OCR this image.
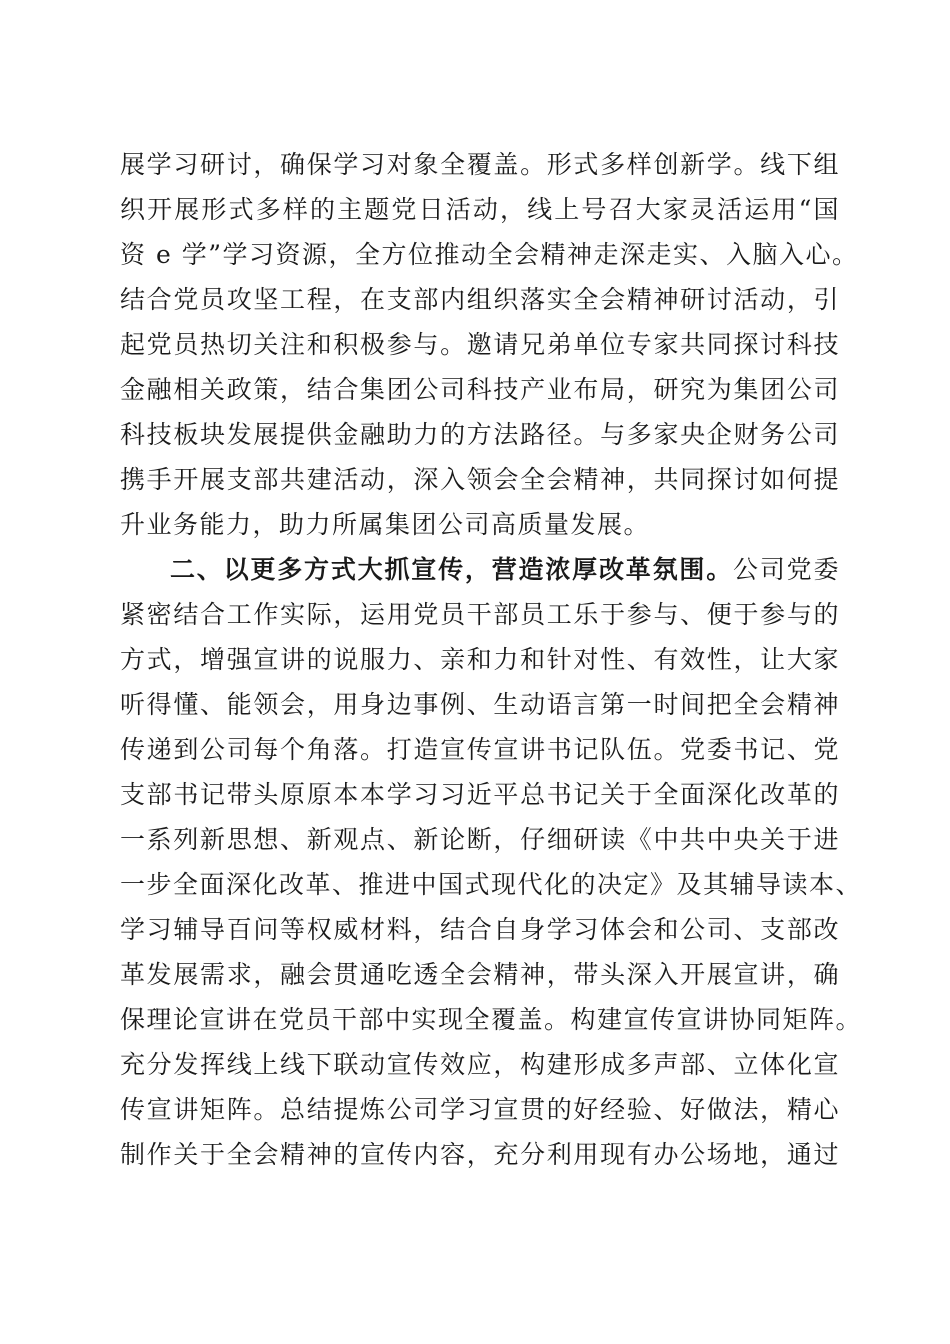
展学习研讨，确保学习对象全覆盖。形式多样创新学。线下组
织开展形式多样的主题党日活动，线上号召大家灵活运用“国
资 e 学”学习资源，全方位推动全会精神走深走实、入脑入心。
结合党员攻坚工程，在支部内组织落实全会精神研讨活动，引
起党员热切关注和积极参与。邀请兄弟单位专家共同探讨科技
金融相关政策，结合集团公司科技产业布局，研究为集团公司
科技板块发展提供金融助力的方法路径。与多家央企财务公司
携手开展支部共建活动，深入领会全会精神，共同探讨如何提
升业务能力，助力所属集团公司高质量发展。
二、以更多方式大抓宣传，营造浓厚改革氛围。公司党委
紧密结合工作实际，运用党员干部员工乐于参与、便于参与的
方式，增强宣讲的说服力、亲和力和针对性、有效性，让大家
听得懂、能领会，用身边事例、生动语言第一时间把全会精神
传递到公司每个角落。打造宣传宣讲书记队伍。党委书记、党
支部书记带头原原本本学习习近平总书记关于全面深化改革的
一系列新思想、新观点、新论断，仔细研读《中共中央关于进
一步全面深化改革、推进中国式现代化的决定》及其辅导读本、
学习辅导百问等权威材料，结合自身学习体会和公司、支部改
革发展需求，融会贯通吃透全会精神，带头深入开展宣讲，确
保理论宣讲在党员干部中实现全覆盖。构建宣传宣讲协同矩阵。
充分发挥线上线下联动宣传效应，构建形成多声部、立体化宣
传宣讲矩阵。总结提炼公司学习宣贯的好经验、好做法，精心
制作关于全会精神的宣传内容，充分利用现有办公场地，通过
